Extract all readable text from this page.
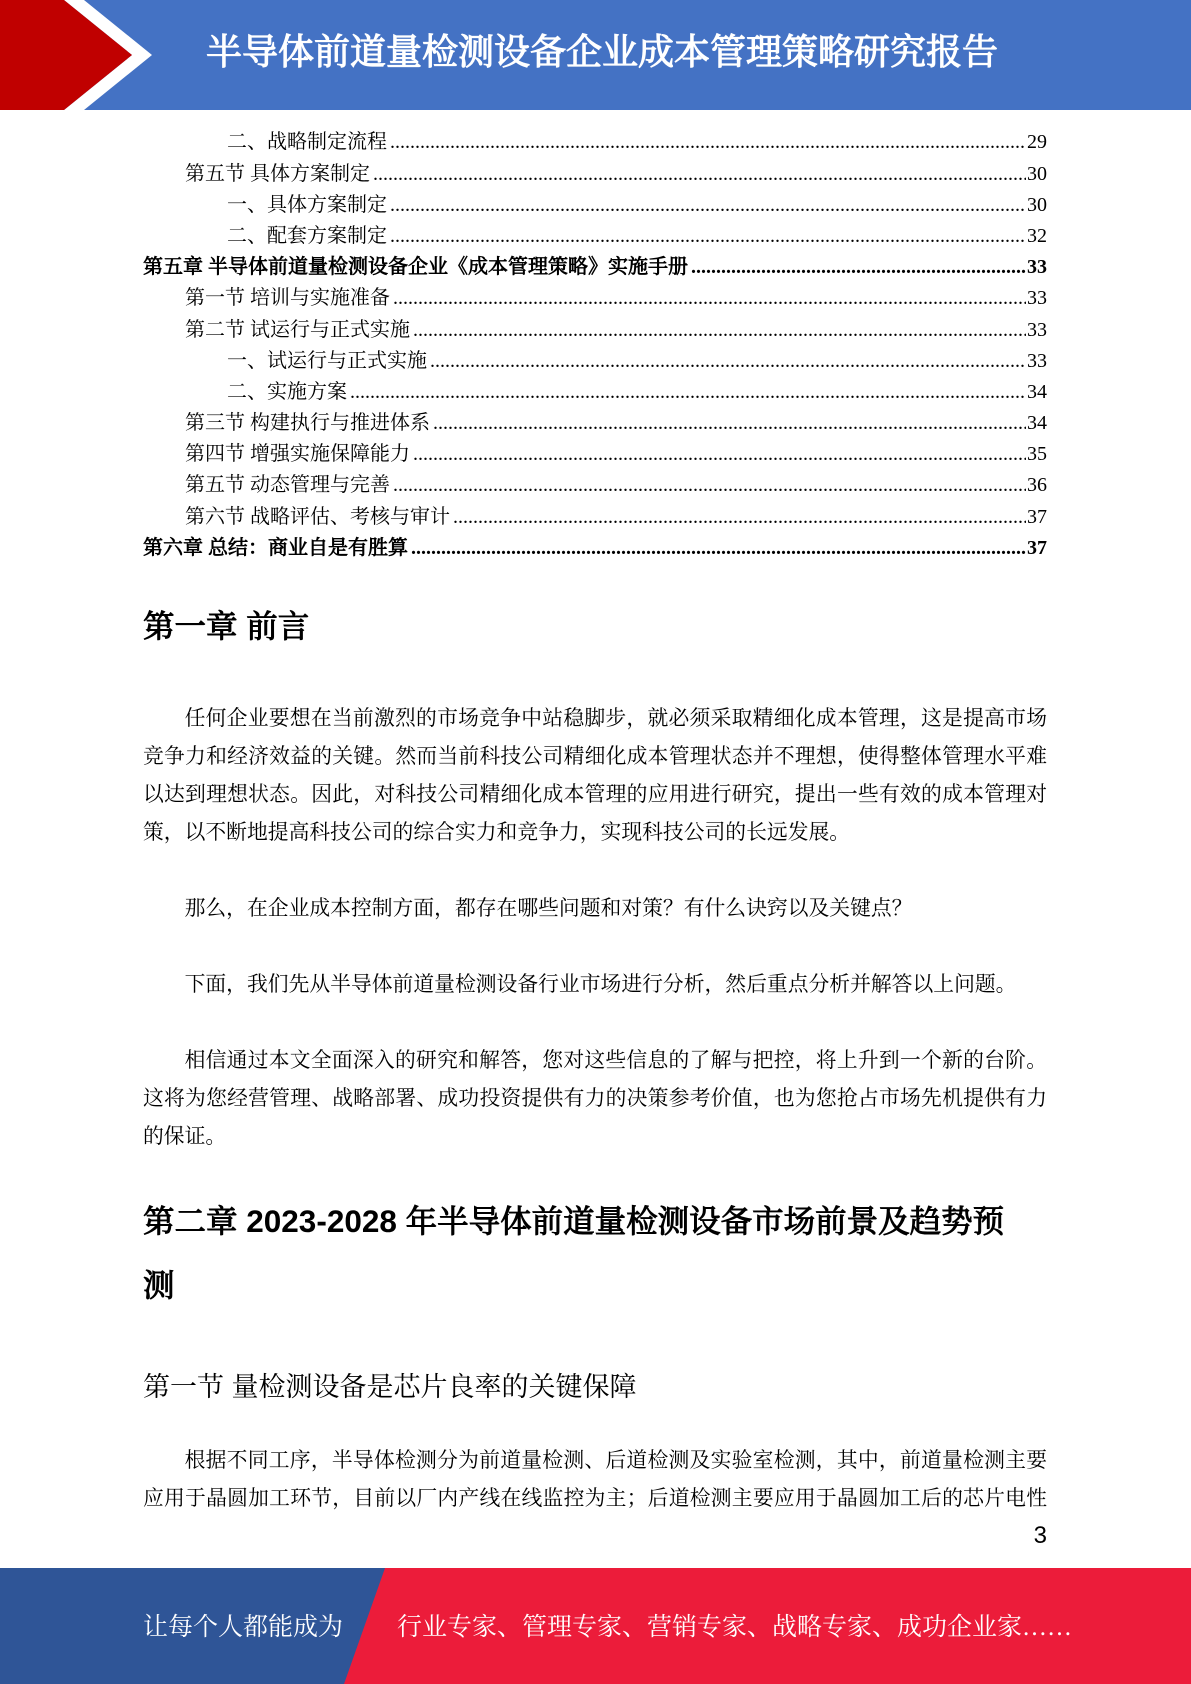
半导体前道量检测设备企业成本管理策略研究报告
二、战略制定流程 .....	29
第五节 具体方案制定 .....	30
一、具体方案制定 .....	30
二、配套方案制定 .....	32
第五章 半导体前道量检测设备企业《成本管理策略》实施手册 .....	33
第一节 培训与实施准备 .....	33
第二节 试运行与正式实施 .....	33
一、试运行与正式实施 .....	33
二、实施方案 .....	34
第三节 构建执行与推进体系 .....	34
第四节 增强实施保障能力 .....	35
第五节 动态管理与完善 .....	36
第六节 战略评估、考核与审计 .....	37
第六章 总结：商业自是有胜算 .....	37
第一章 前言
任何企业要想在当前激烈的市场竞争中站稳脚步，就必须采取精细化成本管理，这是提高市场
竞争力和经济效益的关键。然而当前科技公司精细化成本管理状态并不理想，使得整体管理水平难
以达到理想状态。因此，对科技公司精细化成本管理的应用进行研究，提出一些有效的成本管理对
策，以不断地提高科技公司的综合实力和竞争力，实现科技公司的长远发展。
那么，在企业成本控制方面，都存在哪些问题和对策？有什么诀窍以及关键点？
下面，我们先从半导体前道量检测设备行业市场进行分析，然后重点分析并解答以上问题。
相信通过本文全面深入的研究和解答，您对这些信息的了解与把控，将上升到一个新的台阶。
这将为您经营管理、战略部署、成功投资提供有力的决策参考价值，也为您抢占市场先机提供有力
的保证。
第二章 2023-2028 年半导体前道量检测设备市场前景及趋势预
测
第一节 量检测设备是芯片良率的关键保障
根据不同工序，半导体检测分为前道量检测、后道检测及实验室检测，其中，前道量检测主要
应用于晶圆加工环节，目前以厂内产线在线监控为主；后道检测主要应用于晶圆加工后的芯片电性
3
让每个人都能成为 行业专家、管理专家、营销专家、战略专家、成功企业家……
